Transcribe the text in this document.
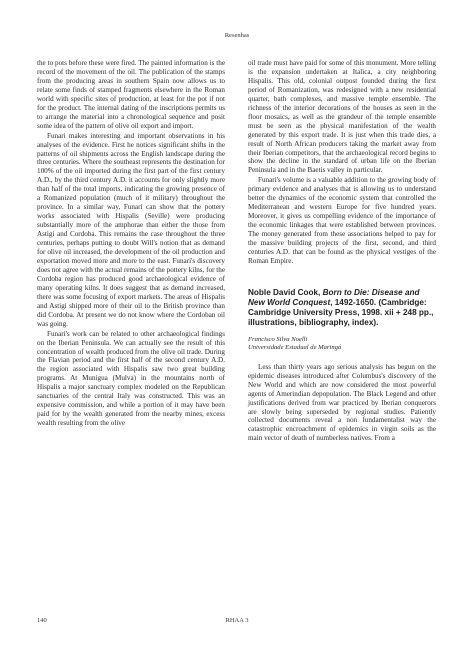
Resenhas

the to pots before these were fired. The painted information is the record of the movement of the oil. The publication of the stamps from the producing areas in southern Spain now allows us to relate some finds of stamped fragments elsewhere in the Roman world with specific sites of production, at least for the pot if not for the product. The internal dating of the inscriptions permits us to arrange the material into a chronological sequence and posit some idea of the pattern of olive oil export and import.

Funari makes interesting and important observations in his analyses of the evidence. First he notices significant shifts in the patterns of oil shipments across the English landscape during the three centuries. Where the southeast represents the destination for 100% of the oil imported during the first part of the first century A.D., by the third century A.D. it accounts for only slightly more than half of the total imports, indicating the growing presence of a Romanized population (much of it military) throughout the province. In a similar way, Funari can show that the pottery works associated with Hispalis (Seville) were producing substantially more of the amphorae than either the those from Astigi and Cordoba. This remains the case throughout the three centuries, perhaps putting to doubt Will's notion that as demand for olive oil increased, the development of the oil production and exportation moved more and more to the east. Funari's discovery does not agree with the actual remains of the pottery kilns, for the Cordoba region has produced good archaeological evidence of many operating kilns. It does suggest that as demand increased, there was some focusing of export markets. The areas of Hispalis and Astigi shipped more of their oil to the British province than did Cordoba. At present we do not know where the Cordoban oil was going.

Funari's work can be related to other archaeological findings on the Iberian Peninsula. We can actually see the result of this concentration of wealth produced from the olive oil trade. During the Flavian period and the first half of the second century A.D. the region associated with Hispalis saw two great building programs. At Munigua (Mulva) in the mountains north of Hispalis a major sanctuary complex modeled on the Republican sanctuaries of the central Italy was constructed. This was an expensive commission, and while a portion of it may have been paid for by the wealth generated from the nearby mines, excess wealth resulting from the olive

oil trade must have paid for some of this monument. More telling is the expansion undertaken at Italica, a city neighboring Hispalis. This old, colonial outpost founded during the first period of Romanization, was redesigned with a new residential quarter, bath complexes, and massive temple ensemble. The richness of the interior decorations of the houses as seen in the floor mosaics, as well as the grandeur of the temple ensemble must be seen as the physical manifestation of the wealth generated by this export trade. It is just when this trade dies, a result of North African producers taking the market away from their Iberian competitors, that the archaeological record begins to show the decline in the standard of urban life on the Iberian Peninsula and in the Baetis valley in particular.

Funari's volume is a valuable addition to the growing body of primary evidence and analyses that is allowing us to understand better the dynamics of the economic system that controlled the Mediterranean and western Europe for five hundred years. Moreover, it gives us compelling evidence of the importance of the economic linkages that were established between provinces. The money generated from these associations helped to pay for the massive building projects of the first, second, and third centuries A.D. that can be found as the physical vestiges of the Roman Empire.

Noble David Cook, Born to Die: Disease and New World Conquest, 1492-1650. (Cambridge: Cambridge University Press, 1998. xii + 248 pp., illustrations, bibliography, index).
Francisco Silva Noelli
Universidade Estadual de Maringá

Less than thirty years ago serious analysis has begun on the epidemic diseases introduced after Columbus's discovery of the New World and which are now considered the most powerful agents of Amerindian depopulation. The Black Legend and other justifications derived from war practiced by Iberian conquerors are slowly being superseded by regional studies. Patiently collected documents reveal a non fundamentalist way the catastrophic encroachment of epidemics in virgin soils as the main vector of death of numberless natives. From a

140	RHAA 3
